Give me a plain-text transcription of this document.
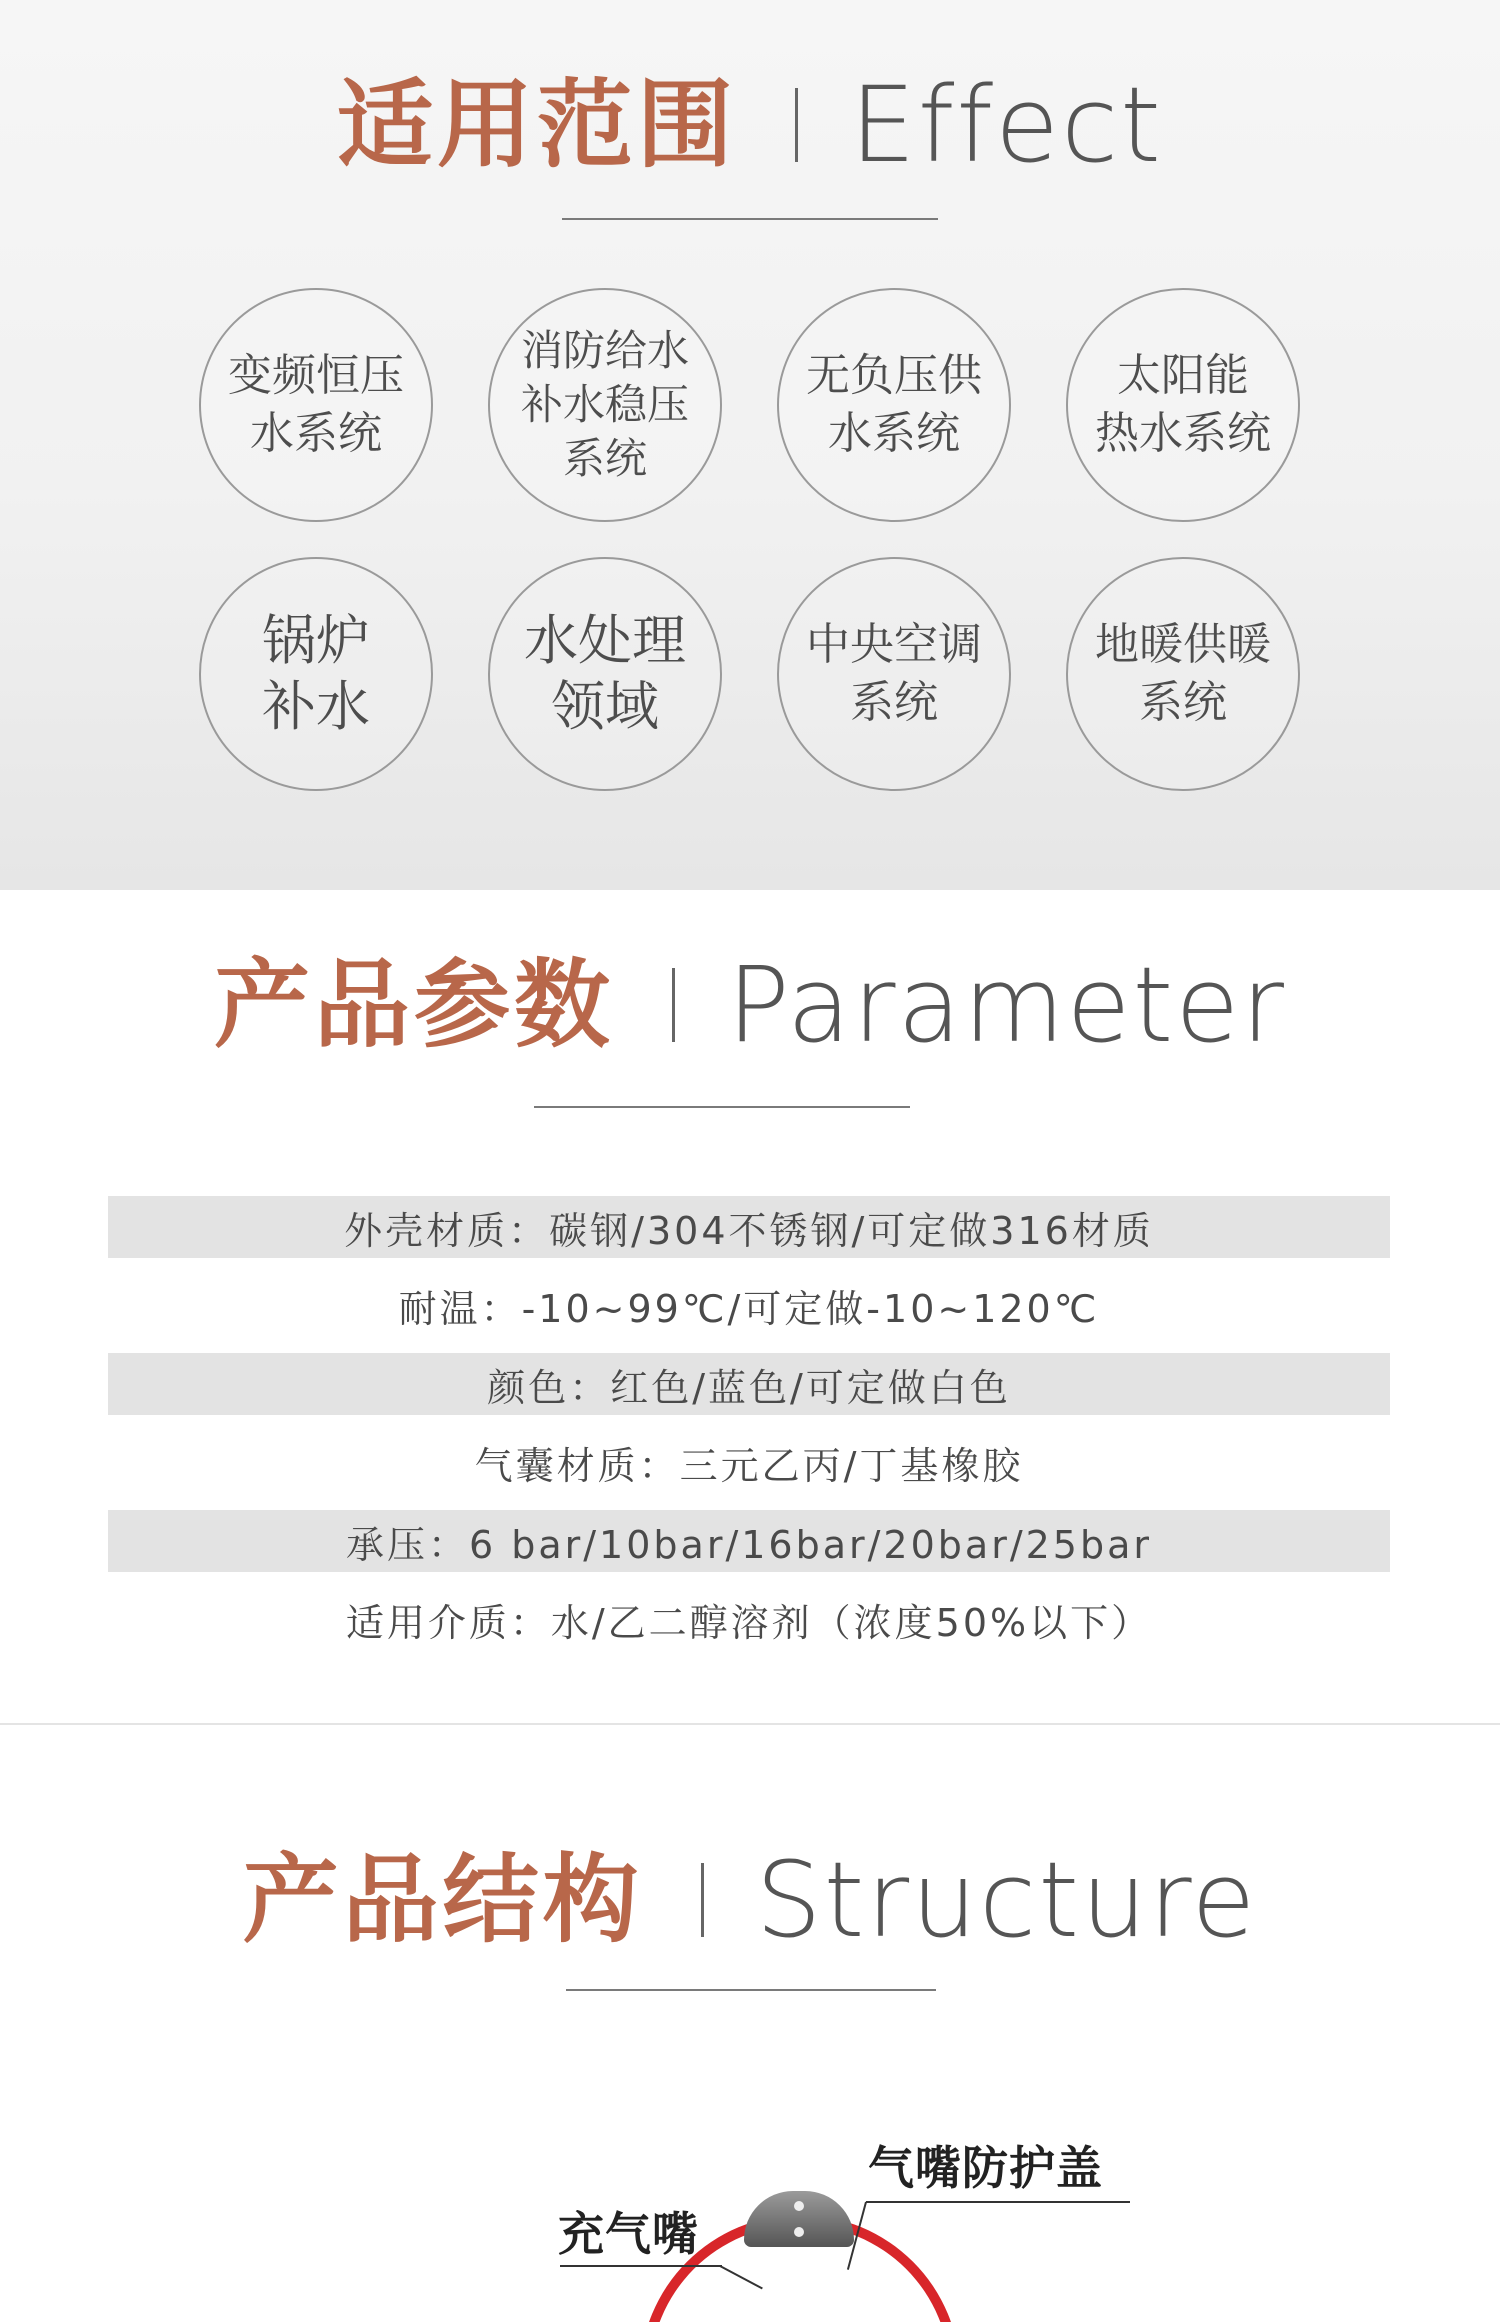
适用范围 Effect
变频恒压
水系统
消防给水
补水稳压
系统
无负压供
水系统
太阳能
热水系统
锅炉
补水
水处理
领域
中央空调
系统
地暖供暖
系统
产品参数 Parameter
外壳材质：碳钢/304不锈钢/可定做316材质
耐温：-10~99℃/可定做-10~120℃
颜色：红色/蓝色/可定做白色
气囊材质：三元乙丙/丁基橡胶
承压：6 bar/10bar/16bar/20bar/25bar
适用介质：水/乙二醇溶剂（浓度50%以下）
产品结构 Structure
气嘴防护盖
充气嘴
